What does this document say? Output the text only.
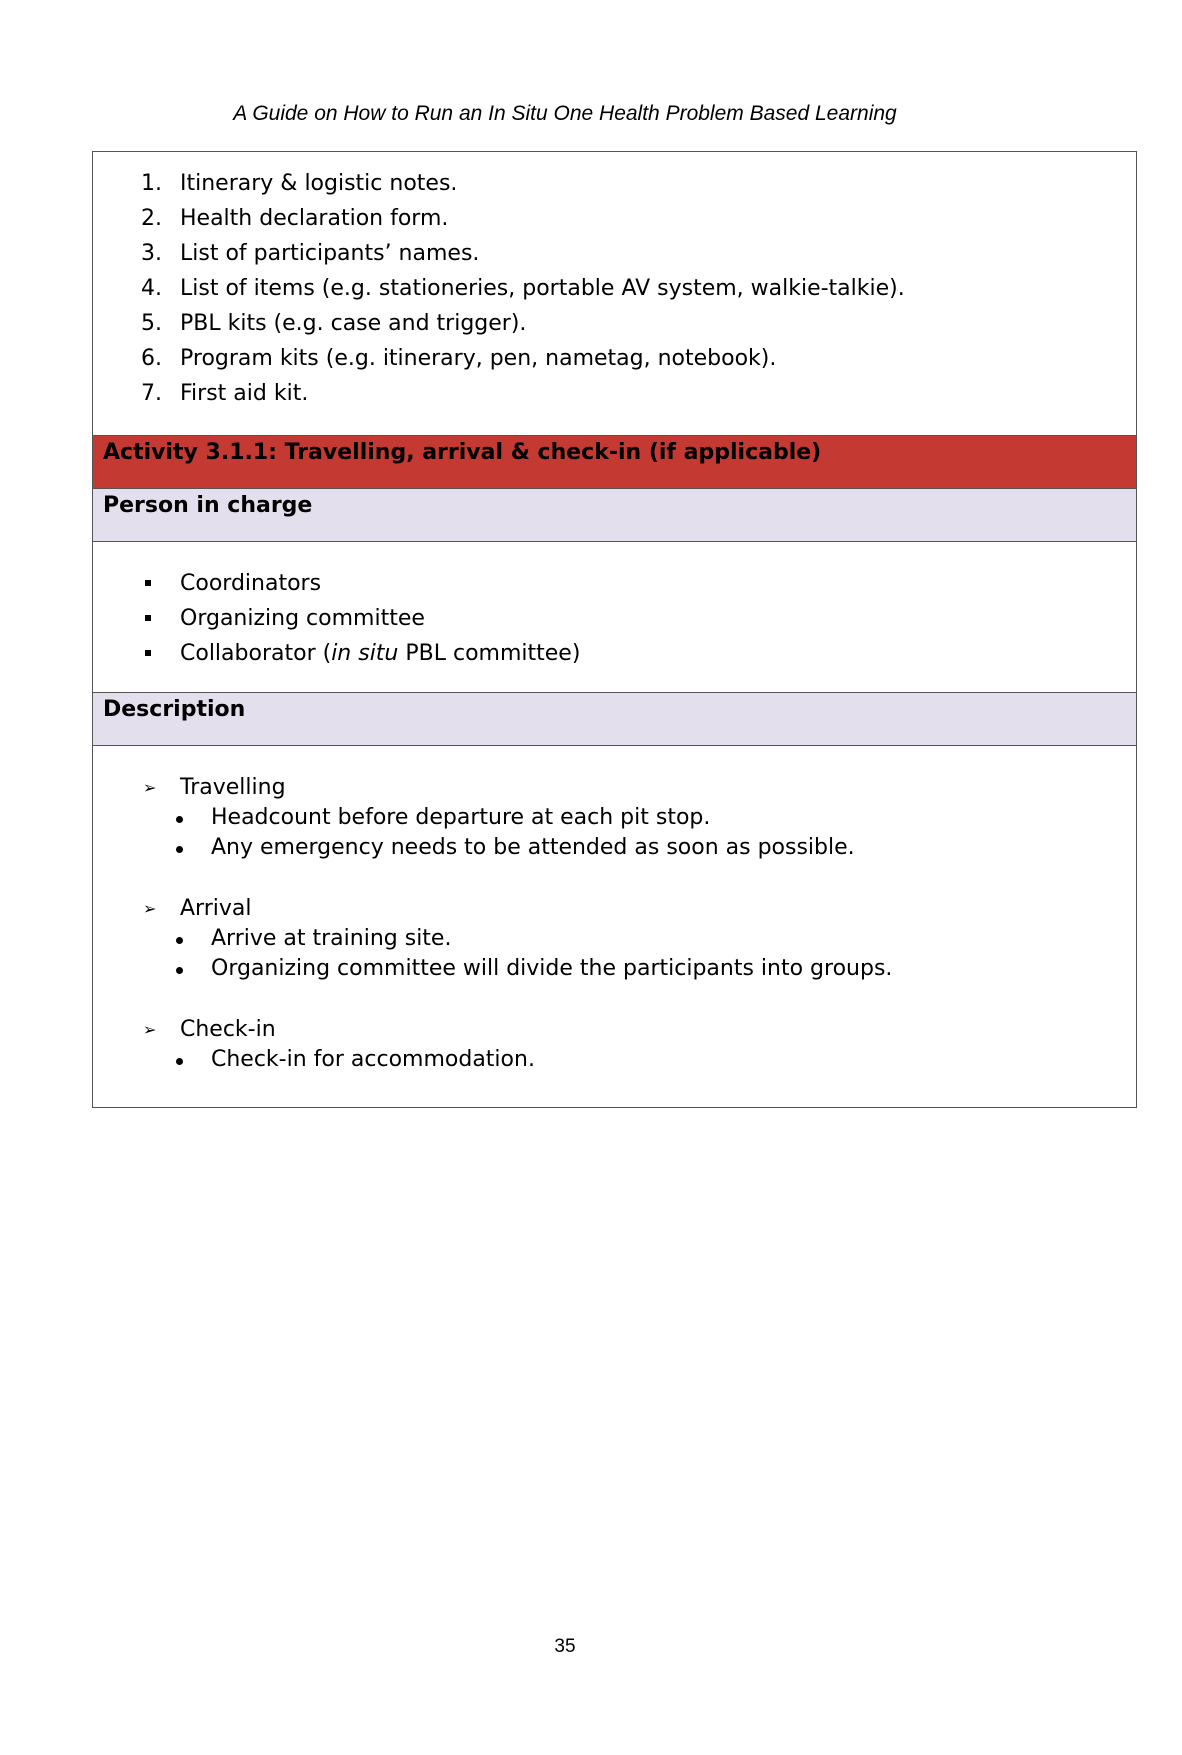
A Guide on How to Run an In Situ One Health Problem Based Learning
1. Itinerary & logistic notes.
2. Health declaration form.
3. List of participants’ names.
4. List of items (e.g. stationeries, portable AV system, walkie-talkie).
5. PBL kits (e.g. case and trigger).
6. Program kits (e.g. itinerary, pen, nametag, notebook).
7. First aid kit.
Activity 3.1.1: Travelling, arrival & check-in (if applicable)
Person in charge
Coordinators
Organizing committee
Collaborator (in situ PBL committee)
Description
➢ Travelling
Headcount before departure at each pit stop.
Any emergency needs to be attended as soon as possible.
➢ Arrival
Arrive at training site.
Organizing committee will divide the participants into groups.
➢ Check-in
Check-in for accommodation.
35
